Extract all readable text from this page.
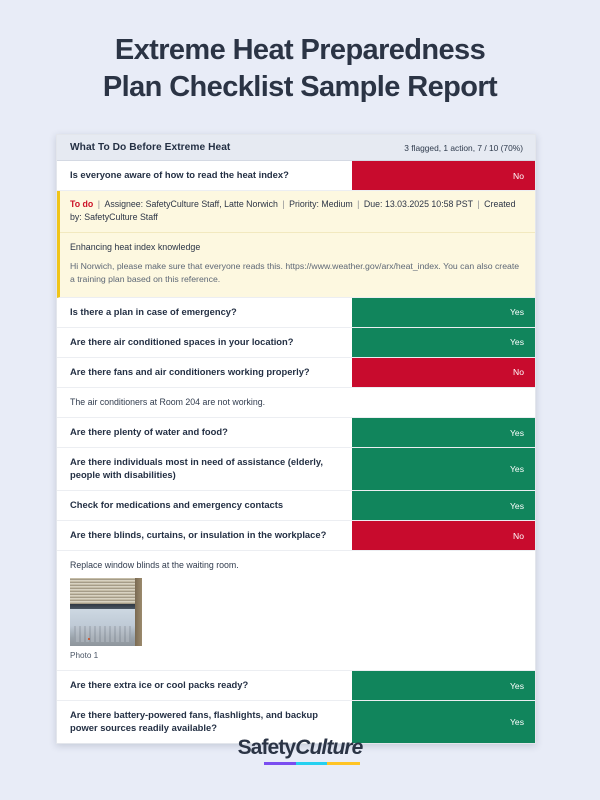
Extreme Heat Preparedness
Plan Checklist Sample Report
What To Do Before Extreme Heat	3 flagged, 1 action, 7 / 10 (70%)
Is everyone aware of how to read the heat index?	No
To do | Assignee: SafetyCulture Staff, Latte Norwich | Priority: Medium | Due: 13.03.2025 10:58 PST | Created by: SafetyCulture Staff
Enhancing heat index knowledge
Hi Norwich, please make sure that everyone reads this. https://www.weather.gov/arx/heat_index. You can also create a training plan based on this reference.
Is there a plan in case of emergency?	Yes
Are there air conditioned spaces in your location?	Yes
Are there fans and air conditioners working properly?	No
The air conditioners at Room 204 are not working.
Are there plenty of water and food?	Yes
Are there individuals most in need of assistance (elderly, people with disabilities)	Yes
Check for medications and emergency contacts	Yes
Are there blinds, curtains, or insulation in the workplace?	No
Replace window blinds at the waiting room.
Photo 1
Are there extra ice or cool packs ready?	Yes
Are there battery-powered fans, flashlights, and backup power sources readily available?	Yes
SafetyCulture
